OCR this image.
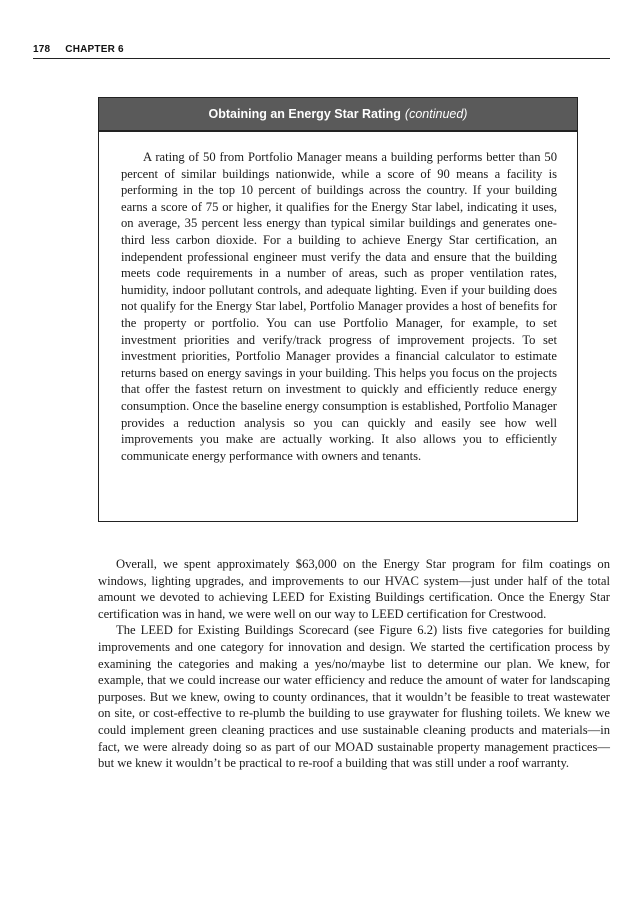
178 CHAPTER 6
Obtaining an Energy Star Rating (continued)

A rating of 50 from Portfolio Manager means a building performs better than 50 percent of similar buildings nationwide, while a score of 90 means a facility is performing in the top 10 percent of buildings across the country. If your building earns a score of 75 or higher, it qualifies for the Energy Star label, indicating it uses, on average, 35 percent less energy than typical similar buildings and generates one-third less carbon dioxide. For a building to achieve Energy Star certification, an independent professional engineer must verify the data and ensure that the building meets code requirements in a number of areas, such as proper ventilation rates, humidity, indoor pollutant controls, and adequate lighting. Even if your building does not qualify for the Energy Star label, Portfolio Manager provides a host of benefits for the property or portfolio. You can use Portfolio Manager, for example, to set investment priorities and verify/track progress of improvement projects. To set investment priorities, Portfolio Manager provides a financial calculator to estimate returns based on energy savings in your building. This helps you focus on the projects that offer the fastest return on investment to quickly and efficiently reduce energy consumption. Once the baseline energy consumption is established, Portfolio Manager provides a reduction analysis so you can quickly and easily see how well improvements you make are actually working. It also allows you to efficiently communicate energy performance with owners and tenants.

Overall, we spent approximately $63,000 on the Energy Star program for film coatings on windows, lighting upgrades, and improvements to our HVAC system—just under half of the total amount we devoted to achieving LEED for Existing Buildings certification. Once the Energy Star certification was in hand, we were well on our way to LEED certification for Crestwood.

The LEED for Existing Buildings Scorecard (see Figure 6.2) lists five categories for building improvements and one category for innovation and design. We started the certification process by examining the categories and making a yes/no/maybe list to determine our plan. We knew, for example, that we could increase our water efficiency and reduce the amount of water for landscaping purposes. But we knew, owing to county ordinances, that it wouldn’t be feasible to treat wastewater on site, or cost-effective to re-plumb the building to use graywater for flushing toilets. We knew we could implement green cleaning practices and use sustainable cleaning products and materials—in fact, we were already doing so as part of our MOAD sustainable property management practices—but we knew it wouldn’t be practical to re-roof a building that was still under a roof warranty.
